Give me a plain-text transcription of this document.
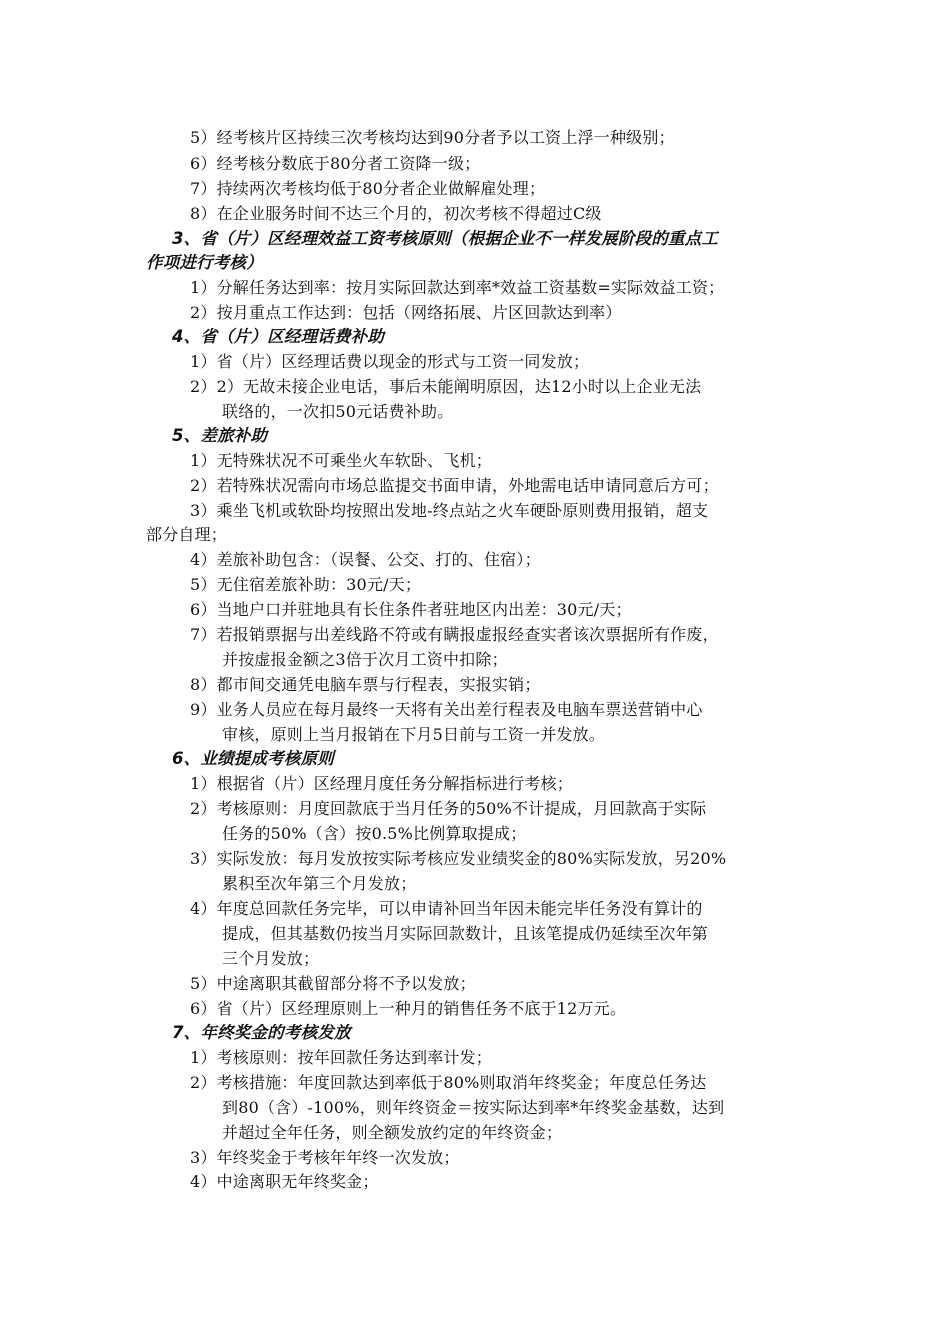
5）经考核片区持续三次考核均达到90分者予以工资上浮一种级别；
6）经考核分数底于80分者工资降一级；
7）持续两次考核均低于80分者企业做解雇处理；
8）在企业服务时间不达三个月的，初次考核不得超过C级
3、省（片）区经理效益工资考核原则（根据企业不一样发展阶段的重点工
作项进行考核）
1）分解任务达到率：按月实际回款达到率*效益工资基数=实际效益工资；
2）按月重点工作达到：包括（网络拓展、片区回款达到率）
4、省（片）区经理话费补助
1）省（片）区经理话费以现金的形式与工资一同发放；
2）2）无故未接企业电话，事后未能阐明原因，达12小时以上企业无法
联络的，一次扣50元话费补助。
5、差旅补助
1）无特殊状况不可乘坐火车软卧、飞机；
2）若特殊状况需向市场总监提交书面申请，外地需电话申请同意后方可；
3）乘坐飞机或软卧均按照出发地-终点站之火车硬卧原则费用报销，超支
部分自理；
4）差旅补助包含：（误餐、公交、打的、住宿）；
5）无住宿差旅补助：30元/天；
6）当地户口并驻地具有长住条件者驻地区内出差：30元/天；
7）若报销票据与出差线路不符或有瞒报虚报经查实者该次票据所有作废，
并按虚报金额之3倍于次月工资中扣除；
8）都市间交通凭电脑车票与行程表，实报实销；
9）业务人员应在每月最终一天将有关出差行程表及电脑车票送营销中心
审核，原则上当月报销在下月5日前与工资一并发放。
6、业绩提成考核原则
1）根据省（片）区经理月度任务分解指标进行考核；
2）考核原则：月度回款底于当月任务的50%不计提成，月回款高于实际
任务的50%（含）按0.5%比例算取提成；
3）实际发放：每月发放按实际考核应发业绩奖金的80%实际发放，另20%
累积至次年第三个月发放；
4）年度总回款任务完毕，可以申请补回当年因未能完毕任务没有算计的
提成，但其基数仍按当月实际回款数计，且该笔提成仍延续至次年第
三个月发放；
5）中途离职其截留部分将不予以发放；
6）省（片）区经理原则上一种月的销售任务不底于12万元。
7、年终奖金的考核发放
1）考核原则：按年回款任务达到率计发；
2）考核措施：年度回款达到率低于80%则取消年终奖金；年度总任务达
到80（含）-100%，则年终资金＝按实际达到率*年终奖金基数，达到
并超过全年任务，则全额发放约定的年终资金；
3）年终奖金于考核年年终一次发放；
4）中途离职无年终奖金；
